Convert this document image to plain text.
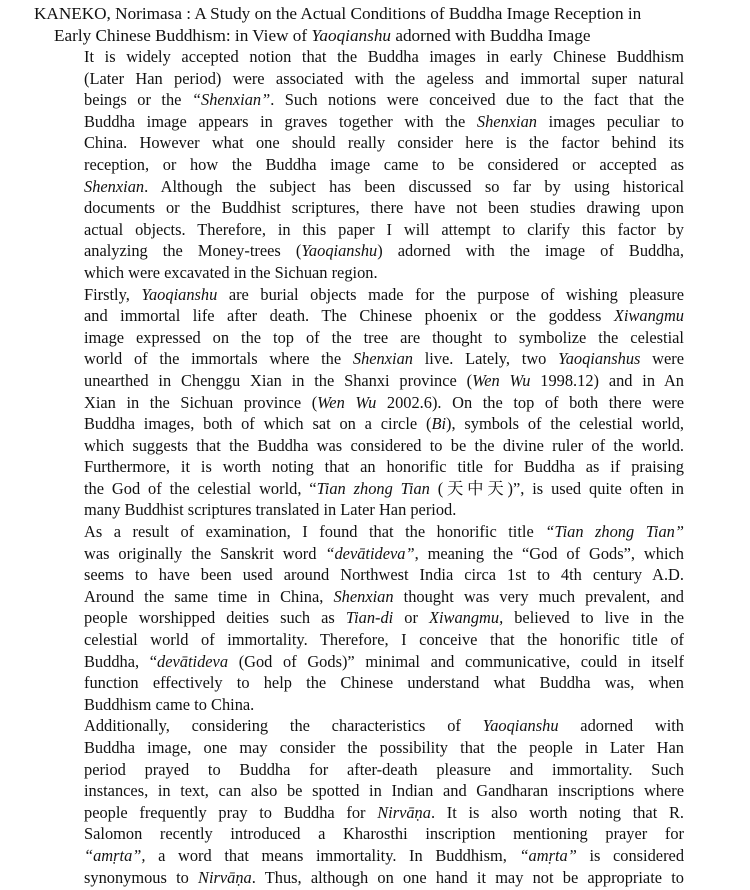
KANEKO, Norimasa : A Study on the Actual Conditions of Buddha Image Reception in
Early Chinese Buddhism: in View of Yaoqianshu adorned with Buddha Image

It is widely accepted notion that the Buddha images in early Chinese Buddhism
(Later Han period) were associated with the ageless and immortal super natural
beings or the “Shenxian”. Such notions were conceived due to the fact that the
Buddha image appears in graves together with the Shenxian images peculiar to
China. However what one should really consider here is the factor behind its
reception, or how the Buddha image came to be considered or accepted as
Shenxian. Although the subject has been discussed so far by using historical
documents or the Buddhist scriptures, there have not been studies drawing upon
actual objects. Therefore, in this paper I will attempt to clarify this factor by
analyzing the Money-trees (Yaoqianshu) adorned with the image of Buddha,
which were excavated in the Sichuan region.

Firstly, Yaoqianshu are burial objects made for the purpose of wishing pleasure
and immortal life after death. The Chinese phoenix or the goddess Xiwangmu
image expressed on the top of the tree are thought to symbolize the celestial
world of the immortals where the Shenxian live. Lately, two Yaoqianshus were
unearthed in Chenggu Xian in the Shanxi province (Wen Wu 1998.12) and in An
Xian in the Sichuan province (Wen Wu 2002.6). On the top of both there were
Buddha images, both of which sat on a circle (Bi), symbols of the celestial world,
which suggests that the Buddha was considered to be the divine ruler of the world.
Furthermore, it is worth noting that an honorific title for Buddha as if praising
the God of the celestial world, “Tian zhong Tian (天中天)”, is used quite often in
many Buddhist scriptures translated in Later Han period.

As a result of examination, I found that the honorific title “Tian zhong Tian”
was originally the Sanskrit word “devātideva”, meaning the “God of Gods”, which
seems to have been used around Northwest India circa 1st to 4th century A.D.
Around the same time in China, Shenxian thought was very much prevalent, and
people worshipped deities such as Tian-di or Xiwangmu, believed to live in the
celestial world of immortality. Therefore, I conceive that the honorific title of
Buddha, “devātideva (God of Gods)” minimal and communicative, could in itself
function effectively to help the Chinese understand what Buddha was, when
Buddhism came to China.

Additionally, considering the characteristics of Yaoqianshu adorned with
Buddha image, one may consider the possibility that the people in Later Han
period prayed to Buddha for after-death pleasure and immortality. Such
instances, in text, can also be spotted in Indian and Gandharan inscriptions where
people frequently pray to Buddha for Nirvāṇa. It is also worth noting that R.
Salomon recently introduced a Kharosthi inscription mentioning prayer for
“amṛta”, a word that means immortality. In Buddhism, “amṛta” is considered
synonymous to Nirvāṇa. Thus, although on one hand it may not be appropriate to
